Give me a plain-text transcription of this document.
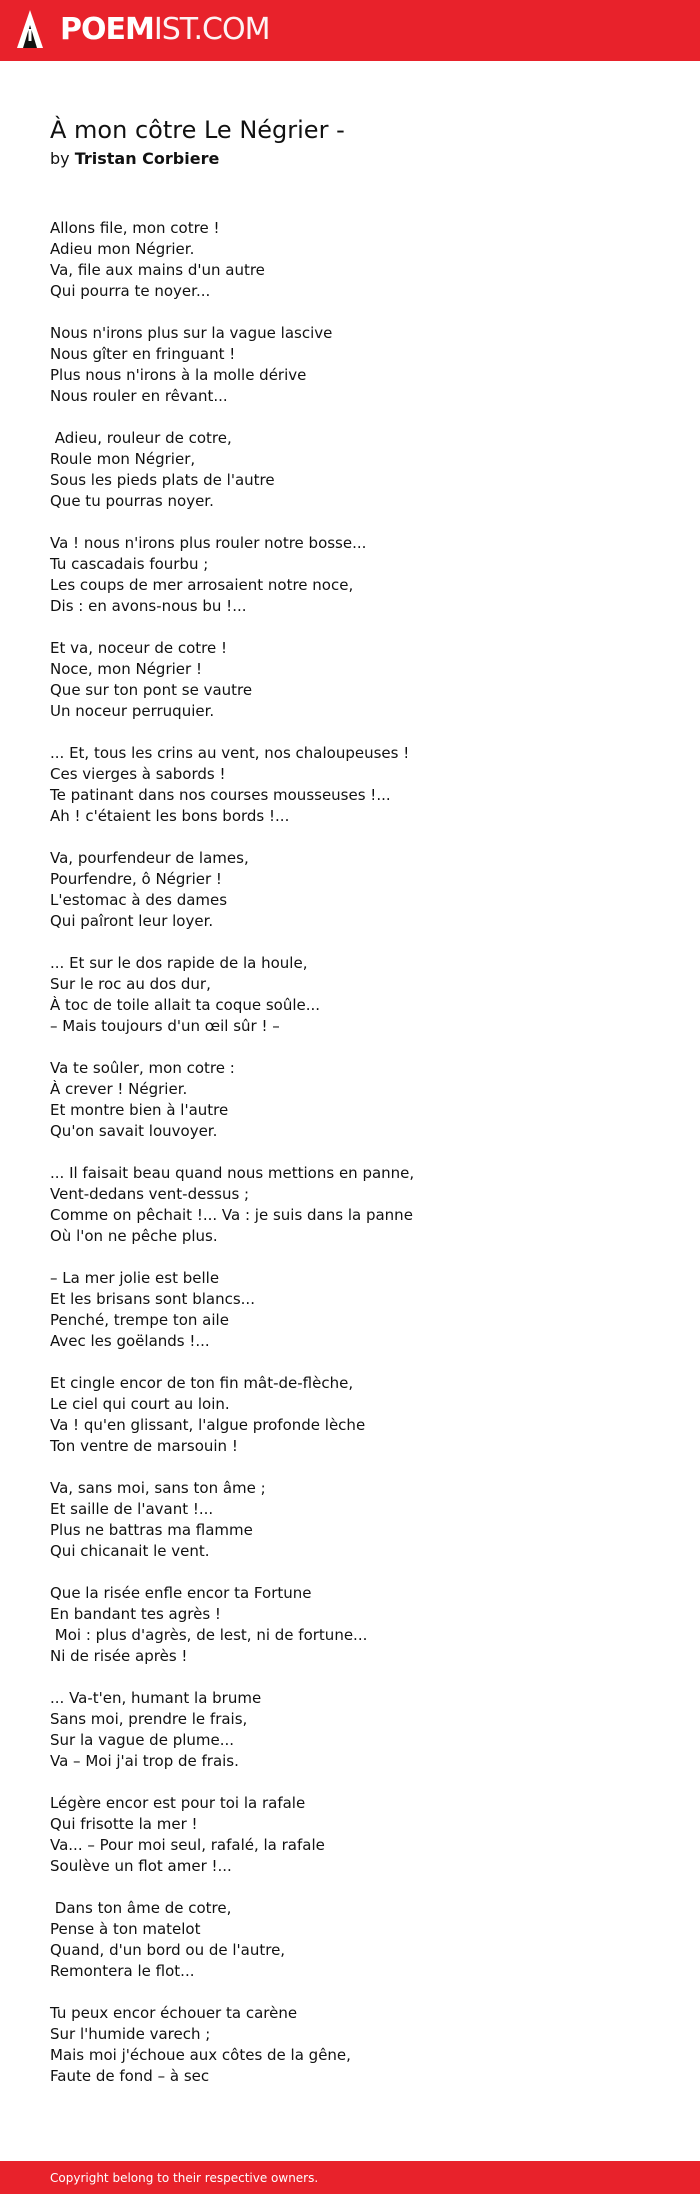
POEMIST.COM
À mon côtre Le Négrier -
by Tristan Corbiere
Allons file, mon cotre !
Adieu mon Négrier.
Va, file aux mains d'un autre
Qui pourra te noyer...
Nous n'irons plus sur la vague lascive
Nous gîter en fringuant !
Plus nous n'irons à la molle dérive
Nous rouler en rêvant...
Adieu, rouleur de cotre,
Roule mon Négrier,
Sous les pieds plats de l'autre
Que tu pourras noyer.
Va ! nous n'irons plus rouler notre bosse...
Tu cascadais fourbu ;
Les coups de mer arrosaient notre noce,
Dis : en avons-nous bu !...
Et va, noceur de cotre !
Noce, mon Négrier !
Que sur ton pont se vautre
Un noceur perruquier.
... Et, tous les crins au vent, nos chaloupeuses !
Ces vierges à sabords !
Te patinant dans nos courses mousseuses !...
Ah ! c'étaient les bons bords !...
Va, pourfendeur de lames,
Pourfendre, ô Négrier !
L'estomac à des dames
Qui paîront leur loyer.
... Et sur le dos rapide de la houle,
Sur le roc au dos dur,
À toc de toile allait ta coque soûle...
– Mais toujours d'un œil sûr ! –
Va te soûler, mon cotre :
À crever ! Négrier.
Et montre bien à l'autre
Qu'on savait louvoyer.
... Il faisait beau quand nous mettions en panne,
Vent-dedans vent-dessus ;
Comme on pêchait !... Va : je suis dans la panne
Où l'on ne pêche plus.
– La mer jolie est belle
Et les brisans sont blancs...
Penché, trempe ton aile
Avec les goëlands !...
Et cingle encor de ton fin mât-de-flèche,
Le ciel qui court au loin.
Va ! qu'en glissant, l'algue profonde lèche
Ton ventre de marsouin !
Va, sans moi, sans ton âme ;
Et saille de l'avant !...
Plus ne battras ma flamme
Qui chicanait le vent.
Que la risée enfle encor ta Fortune
En bandant tes agrès !
Moi : plus d'agrès, de lest, ni de fortune...
Ni de risée après !
... Va-t'en, humant la brume
Sans moi, prendre le frais,
Sur la vague de plume...
Va – Moi j'ai trop de frais.
Légère encor est pour toi la rafale
Qui frisotte la mer !
Va... – Pour moi seul, rafalé, la rafale
Soulève un flot amer !...
Dans ton âme de cotre,
Pense à ton matelot
Quand, d'un bord ou de l'autre,
Remontera le flot...
Tu peux encor échouer ta carène
Sur l'humide varech ;
Mais moi j'échoue aux côtes de la gêne,
Faute de fond – à sec
Copyright belong to their respective owners.
